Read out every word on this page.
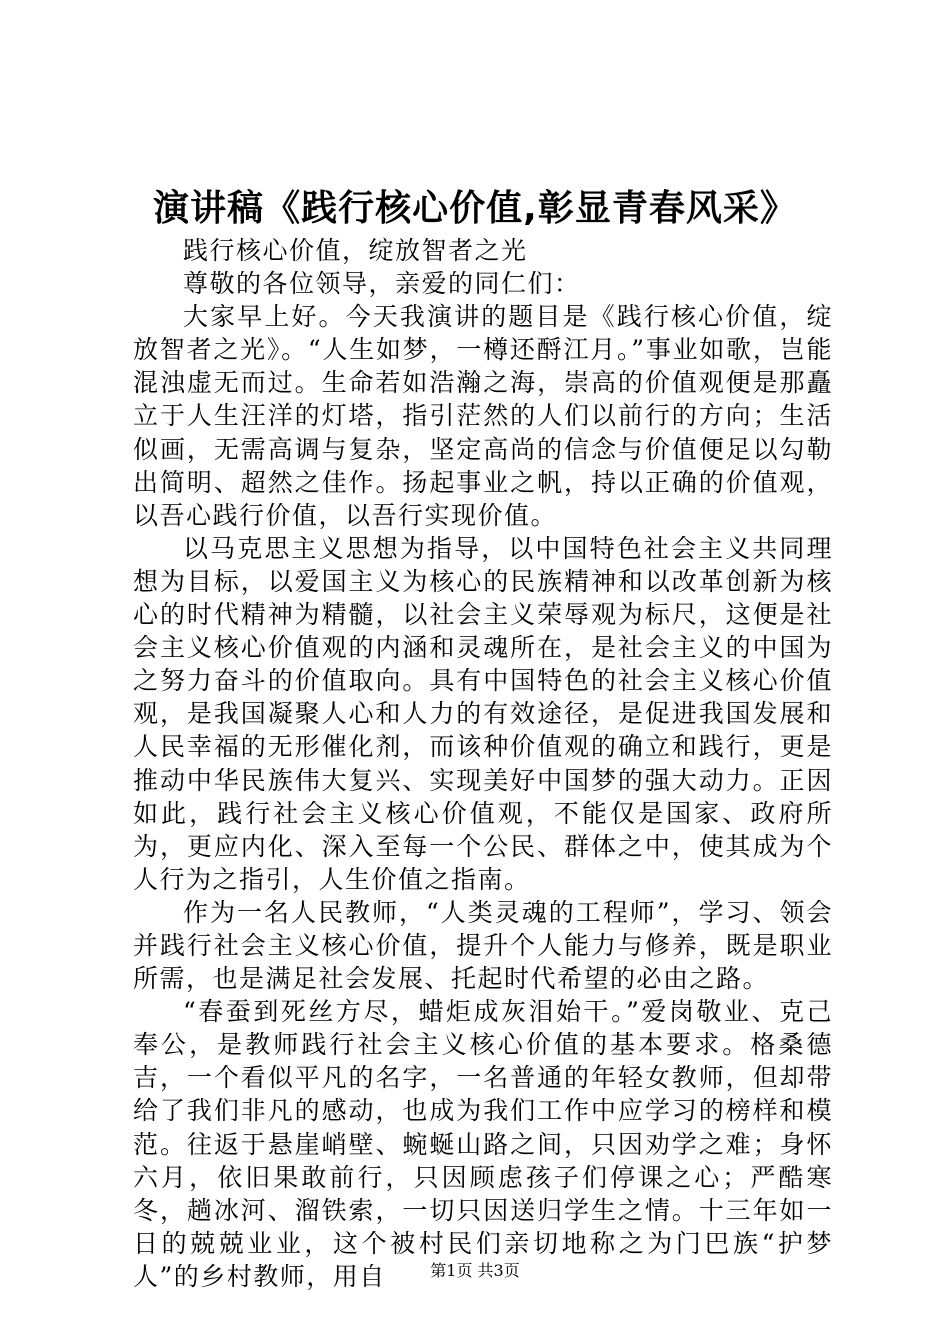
演讲稿《践行核心价值,彰显青春风采》

践行核心价值，绽放智者之光

尊敬的各位领导，亲爱的同仁们：

大家早上好。今天我演讲的题目是《践行核心价值，绽放智者之光》。“人生如梦，一樽还酹江月。”事业如歌，岂能混浊虚无而过。生命若如浩瀚之海，崇高的价值观便是那矗立于人生汪洋的灯塔，指引茫然的人们以前行的方向；生活似画，无需高调与复杂，坚定高尚的信念与价值便足以勾勒出简明、超然之佳作。扬起事业之帆，持以正确的价值观，以吾心践行价值，以吾行实现价值。

以马克思主义思想为指导，以中国特色社会主义共同理想为目标，以爱国主义为核心的民族精神和以改革创新为核心的时代精神为精髓，以社会主义荣辱观为标尺，这便是社会主义核心价值观的内涵和灵魂所在，是社会主义的中国为之努力奋斗的价值取向。具有中国特色的社会主义核心价值观，是我国凝聚人心和人力的有效途径，是促进我国发展和人民幸福的无形催化剂，而该种价值观的确立和践行，更是推动中华民族伟大复兴、实现美好中国梦的强大动力。正因如此，践行社会主义核心价值观，不能仅是国家、政府所为，更应内化、深入至每一个公民、群体之中，使其成为个人行为之指引，人生价值之指南。

作为一名人民教师，“人类灵魂的工程师”，学习、领会并践行社会主义核心价值，提升个人能力与修养，既是职业所需，也是满足社会发展、托起时代希望的必由之路。

“春蚕到死丝方尽，蜡炬成灰泪始干。”爱岗敬业、克己奉公，是教师践行社会主义核心价值的基本要求。格桑德吉，一个看似平凡的名字，一名普通的年轻女教师，但却带给了我们非凡的感动，也成为我们工作中应学习的榜样和模范。往返于悬崖峭壁、蜿蜒山路之间，只因劝学之难；身怀六月，依旧果敢前行，只因顾虑孩子们停课之心；严酷寒冬，趟冰河、溜铁索，一切只因送归学生之情。十三年如一日的兢兢业业，这个被村民们亲切地称之为门巴族“护梦人”的乡村教师，用自	第1页 共3页
